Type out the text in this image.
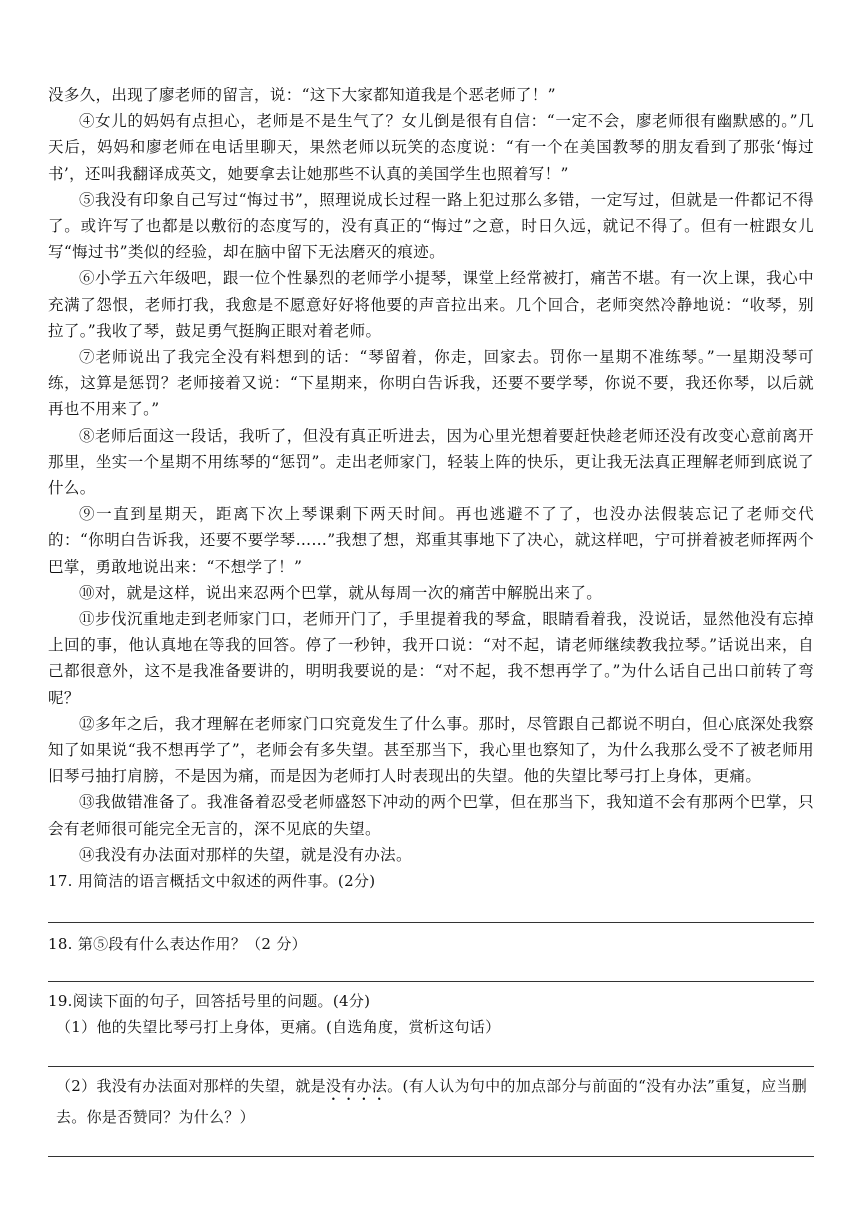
没多久，出现了廖老师的留言，说：“这下大家都知道我是个恶老师了！”

④女儿的妈妈有点担心，老师是不是生气了？女儿倒是很有自信：“一定不会，廖老师很有幽默感的。”几天后，妈妈和廖老师在电话里聊天，果然老师以玩笑的态度说：“有一个在美国教琴的朋友看到了那张‘悔过书’，还叫我翻译成英文，她要拿去让她那些不认真的美国学生也照着写！”

⑤我没有印象自己写过“悔过书”，照理说成长过程一路上犯过那么多错，一定写过，但就是一件都记不得了。或许写了也都是以敷衍的态度写的，没有真正的“悔过”之意，时日久远，就记不得了。但有一桩跟女儿写“悔过书”类似的经验，却在脑中留下无法磨灭的痕迹。

⑥小学五六年级吧，跟一位个性暴烈的老师学小提琴，课堂上经常被打，痛苦不堪。有一次上课，我心中充满了怨恨，老师打我，我愈是不愿意好好将他要的声音拉出来。几个回合，老师突然冷静地说：“收琴，别拉了。”我收了琴，鼓足勇气挺胸正眼对着老师。

⑦老师说出了我完全没有料想到的话：“琴留着，你走，回家去。罚你一星期不准练琴。”一星期没琴可练，这算是惩罚？老师接着又说：“下星期来，你明白告诉我，还要不要学琴，你说不要，我还你琴，以后就再也不用来了。”

⑧老师后面这一段话，我听了，但没有真正听进去，因为心里光想着要赶快趁老师还没有改变心意前离开那里，坐实一个星期不用练琴的“惩罚”。走出老师家门，轻装上阵的快乐，更让我无法真正理解老师到底说了什么。

⑨一直到星期天，距离下次上琴课剩下两天时间。再也逃避不了了，也没办法假装忘记了老师交代的：“你明白告诉我，还要不要学琴……”我想了想，郑重其事地下了决心，就这样吧，宁可拼着被老师挥两个巴掌，勇敢地说出来：“不想学了！”

⑩对，就是这样，说出来忍两个巴掌，就从每周一次的痛苦中解脱出来了。

⑪步伐沉重地走到老师家门口，老师开门了，手里提着我的琴盒，眼睛看着我，没说话，显然他没有忘掉上回的事，他认真地在等我的回答。停了一秒钟，我开口说：“对不起，请老师继续教我拉琴。”话说出来，自己都很意外，这不是我准备要讲的，明明我要说的是：“对不起，我不想再学了。”为什么话自己出口前转了弯呢？

⑫多年之后，我才理解在老师家门口究竟发生了什么事。那时，尽管跟自己都说不明白，但心底深处我察知了如果说“我不想再学了”，老师会有多失望。甚至那当下，我心里也察知了，为什么我那么受不了被老师用旧琴弓抽打肩膀，不是因为痛，而是因为老师打人时表现出的失望。他的失望比琴弓打上身体，更痛。

⑬我做错准备了。我准备着忍受老师盛怒下冲动的两个巴掌，但在那当下，我知道不会有那两个巴掌，只会有老师很可能完全无言的，深不见底的失望。

⑭我没有办法面对那样的失望，就是没有办法。

17. 用简洁的语言概括文中叙述的两件事。(2分)

18. 第⑤段有什么表达作用？（2 分）

19.阅读下面的句子，回答括号里的问题。(4分)

（1）他的失望比琴弓打上身体，更痛。(自选角度，赏析这句话）

（2）我没有办法面对那样的失望，就是没有办法。(有人认为句中的加点部分与前面的“没有办法”重复，应当删去。你是否赞同？为什么？）
